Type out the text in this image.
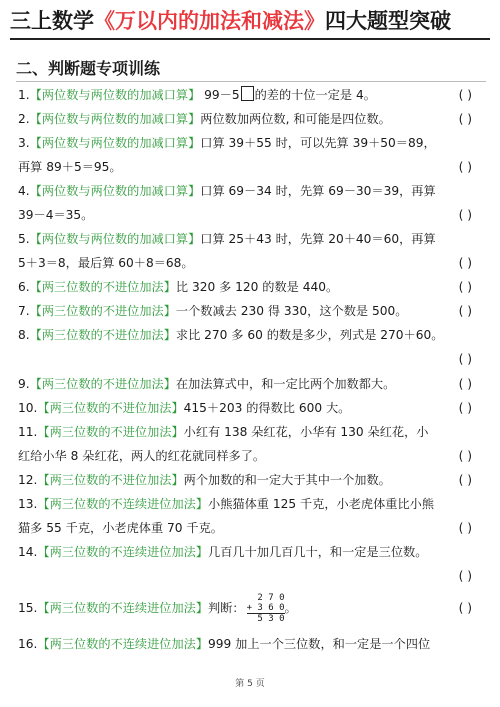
三上数学《万以内的加法和减法》四大题型突破
二、判断题专项训练
1.【两位数与两位数的加减口算】 99－5 的差的十位一定是 4。	( )
2.【两位数与两位数的加减口算】两位数加两位数, 和可能是四位数。	( )
3.【两位数与两位数的加减口算】口算 39＋55 时，可以先算 39＋50＝89，
再算 89＋5＝95。	( )
4.【两位数与两位数的加减口算】口算 69－34 时，先算 69－30＝39，再算
39－4＝35。	( )
5.【两位数与两位数的加减口算】口算 25＋43 时，先算 20＋40＝60，再算
5＋3＝8，最后算 60＋8＝68。	( )
6.【两三位数的不进位加法】比 320 多 120 的数是 440。	( )
7.【两三位数的不进位加法】一个数减去 230 得 330，这个数是 500。	( )
8.【两三位数的不进位加法】求比 270 多 60 的数是多少，列式是 270＋60。
( )
9.【两三位数的不进位加法】在加法算式中，和一定比两个加数都大。	( )
10.【两三位数的不进位加法】415＋203 的得数比 600 大。	( )
11.【两三位数的不进位加法】小红有 138 朵红花，小华有 130 朵红花，小
红给小华 8 朵红花，两人的红花就同样多了。	( )
12.【两三位数的不进位加法】两个加数的和一定大于其中一个加数。	( )
13.【两三位数的不连续进位加法】小熊猫体重 125 千克，小老虎体重比小熊
猫多 55 千克，小老虎体重 70 千克。	( )
14.【两三位数的不连续进位加法】几百几十加几百几十，和一定是三位数。
( )
15.【两三位数的不连续进位加法】判断：
2 7 0
+ 3 6 0
5 3 0
。	( )
16.【两三位数的不连续进位加法】999 加上一个三位数，和一定是一个四位
第 5 页
